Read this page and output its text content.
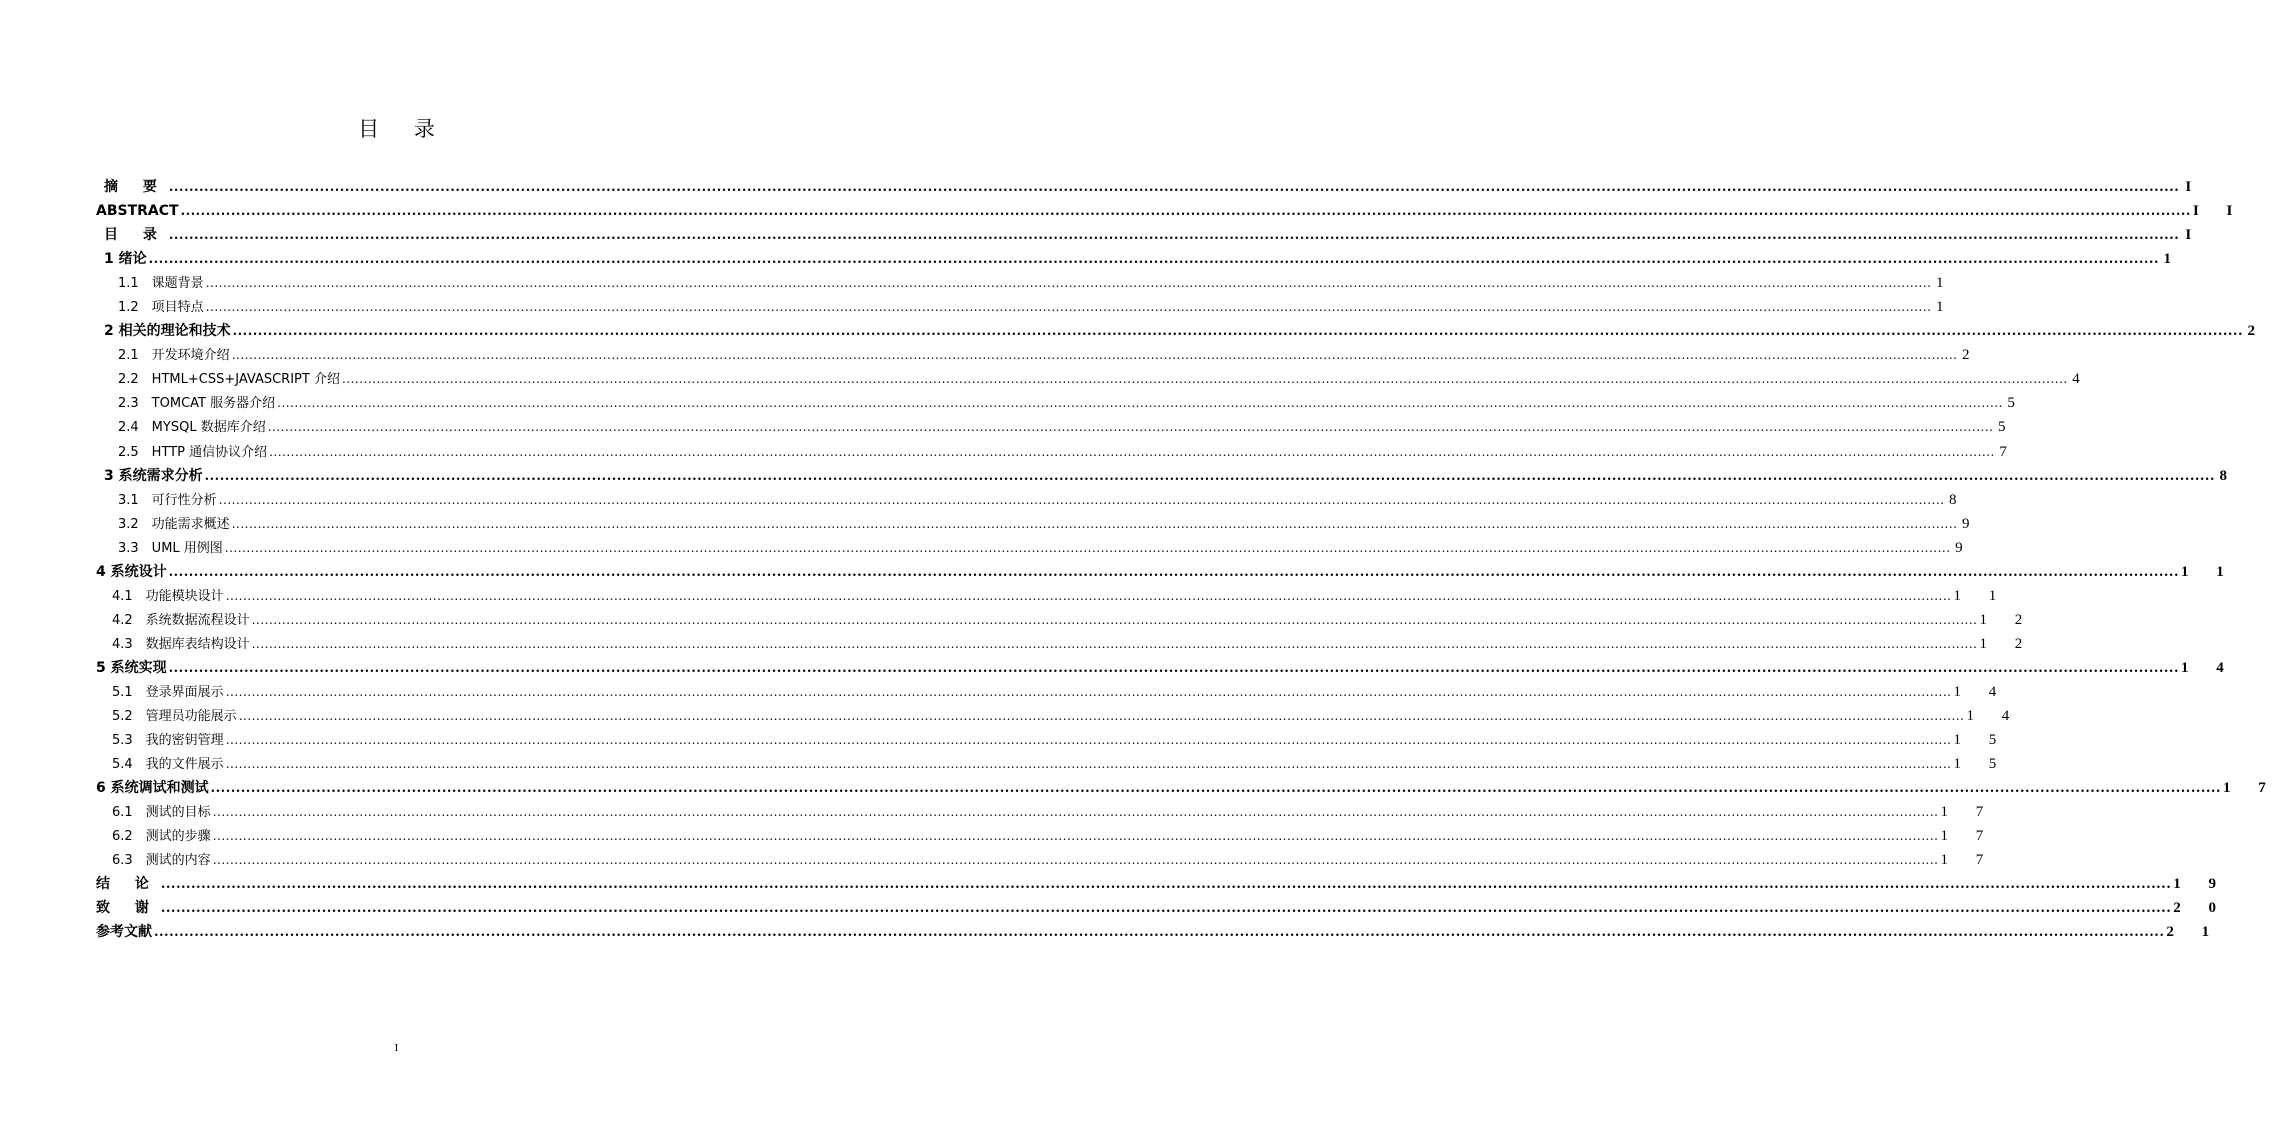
目 录
摘 要 ................................................................................................................................................................................................................................................................................................................................................................................................................ I
ABSTRACT ................................................................................................................................................................................................................................................................................................................................................................................................................ I I
目 录 ................................................................................................................................................................................................................................................................................................................................................................................................................ I
1 绪论 ................................................................................................................................................................................................................................................................................................................................................................................................................ 1
1.1　课题背景 ................................................................................................................................................................................................................................................................................................................................................................................................................ 1
1.2　项目特点 ................................................................................................................................................................................................................................................................................................................................................................................................................ 1
2 相关的理论和技术 ................................................................................................................................................................................................................................................................................................................................................................................................................ 2
2.1　开发环境介绍 ................................................................................................................................................................................................................................................................................................................................................................................................................ 2
2.2　HTML+CSS+JAVASCRIPT 介绍 ................................................................................................................................................................................................................................................................................................................................................................................................................ 4
2.3　TOMCAT 服务器介绍 ................................................................................................................................................................................................................................................................................................................................................................................................................ 5
2.4　MYSQL 数据库介绍 ................................................................................................................................................................................................................................................................................................................................................................................................................ 5
2.5　HTTP 通信协议介绍 ................................................................................................................................................................................................................................................................................................................................................................................................................ 7
3 系统需求分析 ................................................................................................................................................................................................................................................................................................................................................................................................................ 8
3.1　可行性分析 ................................................................................................................................................................................................................................................................................................................................................................................................................ 8
3.2　功能需求概述 ................................................................................................................................................................................................................................................................................................................................................................................................................ 9
3.3　UML 用例图 ................................................................................................................................................................................................................................................................................................................................................................................................................ 9
4 系统设计 ................................................................................................................................................................................................................................................................................................................................................................................................................ 1 1
4.1　功能模块设计 ................................................................................................................................................................................................................................................................................................................................................................................................................ 1 1
4.2　系统数据流程设计 ................................................................................................................................................................................................................................................................................................................................................................................................................ 1 2
4.3　数据库表结构设计 ................................................................................................................................................................................................................................................................................................................................................................................................................ 1 2
5 系统实现 ................................................................................................................................................................................................................................................................................................................................................................................................................ 1 4
5.1　登录界面展示 ................................................................................................................................................................................................................................................................................................................................................................................................................ 1 4
5.2　管理员功能展示 ................................................................................................................................................................................................................................................................................................................................................................................................................ 1 4
5.3　我的密钥管理 ................................................................................................................................................................................................................................................................................................................................................................................................................ 1 5
5.4　我的文件展示 ................................................................................................................................................................................................................................................................................................................................................................................................................ 1 5
6 系统调试和测试 ................................................................................................................................................................................................................................................................................................................................................................................................................ 1 7
6.1　测试的目标 ................................................................................................................................................................................................................................................................................................................................................................................................................ 1 7
6.2　测试的步骤 ................................................................................................................................................................................................................................................................................................................................................................................................................ 1 7
6.3　测试的内容 ................................................................................................................................................................................................................................................................................................................................................................................................................ 1 7
结 论 ................................................................................................................................................................................................................................................................................................................................................................................................................ 1 9
致 谢 ................................................................................................................................................................................................................................................................................................................................................................................................................ 2 0
参考文献 ................................................................................................................................................................................................................................................................................................................................................................................................................ 2 1
I
